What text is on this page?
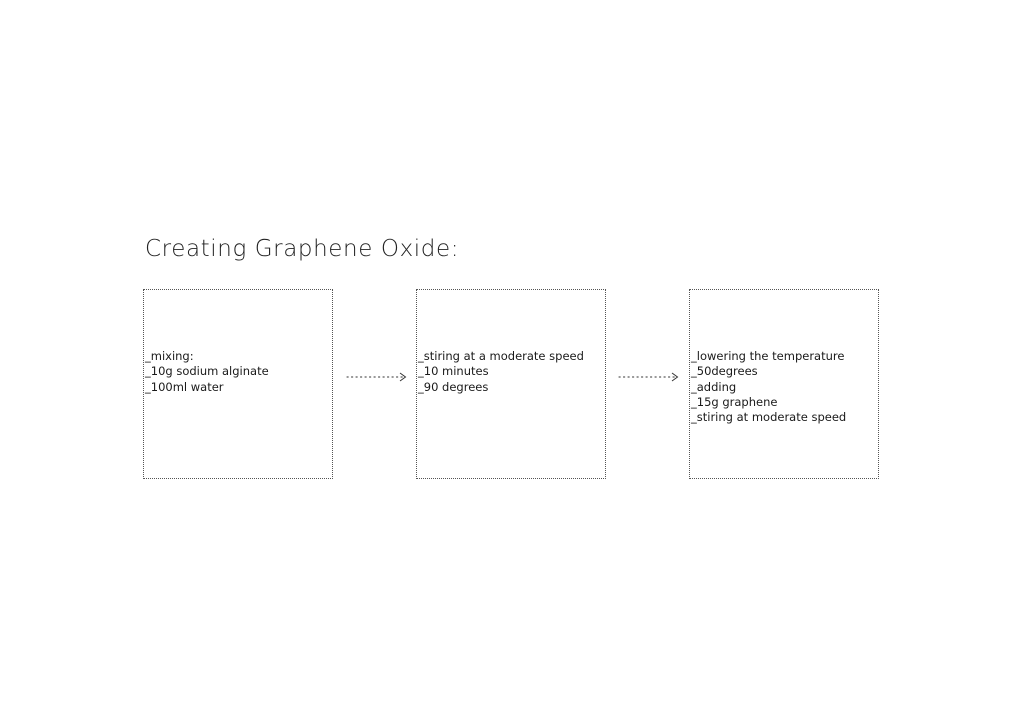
Creating Graphene Oxide:
_mixing:
_10g sodium alginate
_100ml water
_stiring at a moderate speed
_10 minutes
_90 degrees
_lowering the temperature
_50degrees
_adding
_15g graphene
_stiring at moderate speed
